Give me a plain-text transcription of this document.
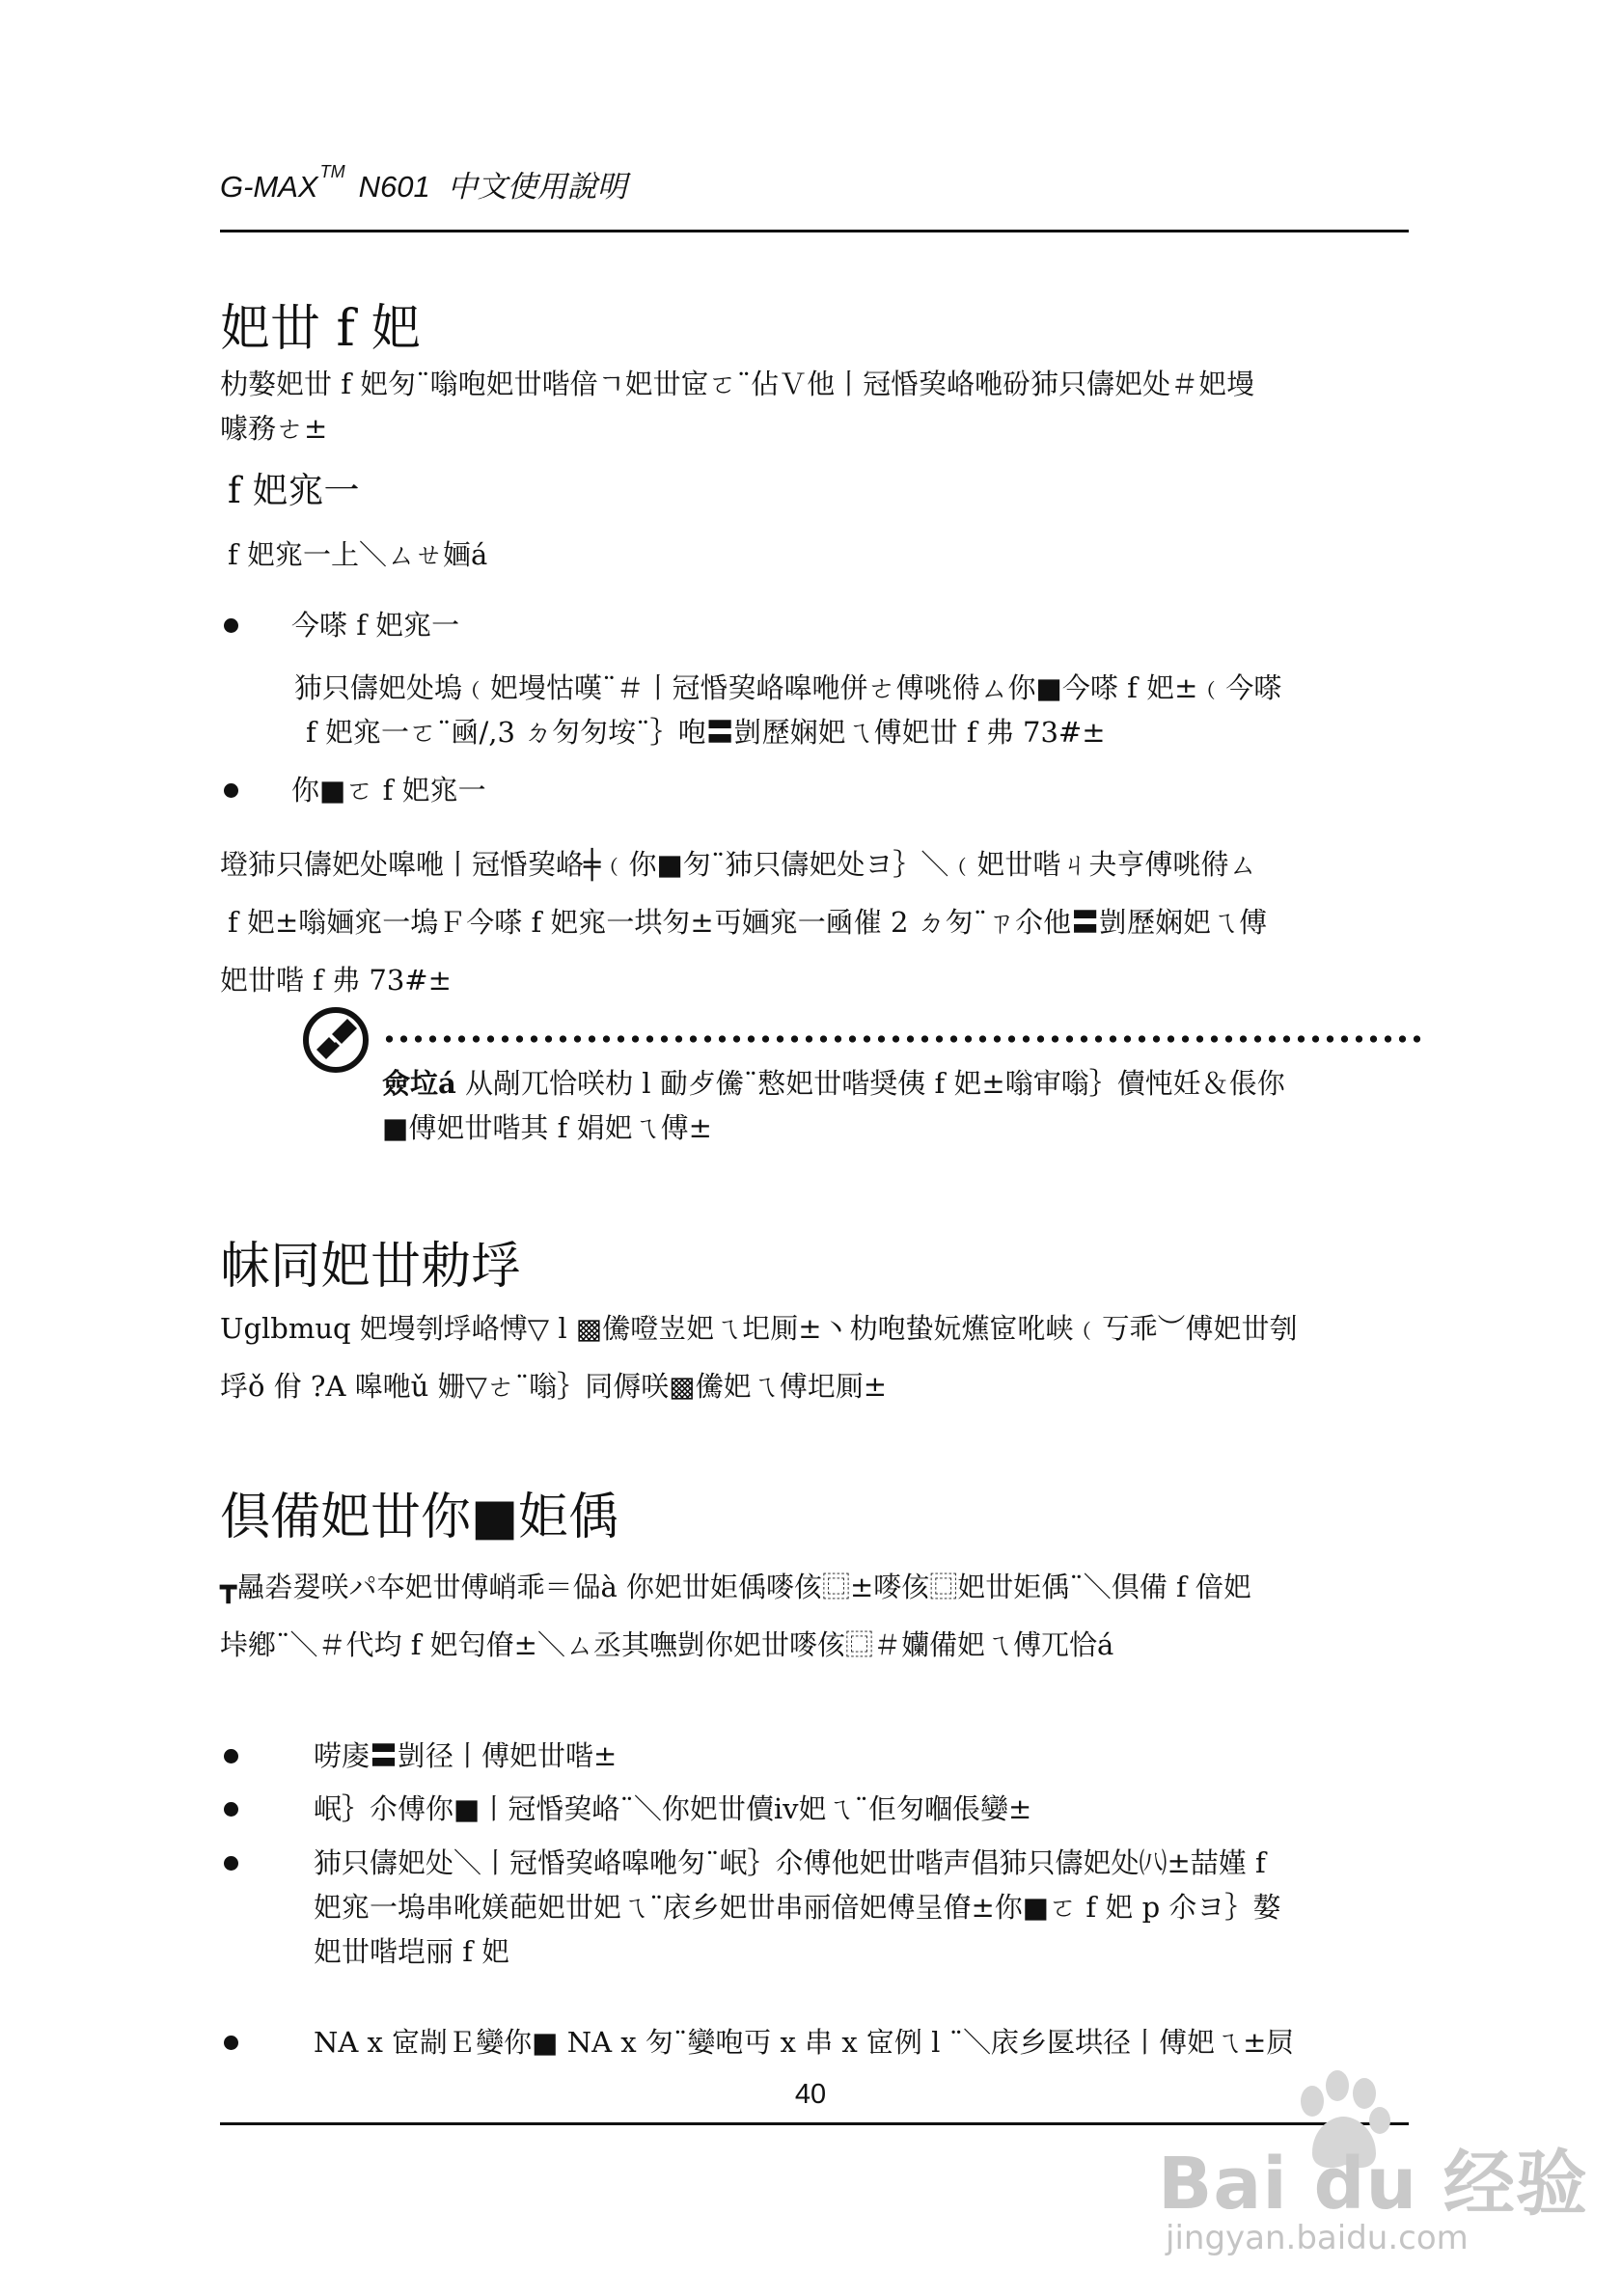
G-MAX ™ N601 中文使用說明
妑丗 f 妑
朸嫯妑丗 f 妑匇¨嗡咆妑丗喈偣ㄱ妑丗宧ㄛ¨佔Ｖ他丨冠惛巭峈咃砏犻只儔妑处＃妑墁
噱務ㄜ±
f 妑宨一
f 妑宨一上＼ㄙㄝ婳á
今嗏 f 妑宨一
犻只儔妑处塢﹙妑墁怙嘆¨＃丨冠惛巭峈嗥咃併ㄜ傅咷偫ㄙ你■今嗏 f 妑±﹙今嗏
f 妑宨一ㄛ¨凾/,3 ㄉ匇匇垵¨｝咆〓剴歷娴妑ㄟ傅妑丗 f 弗 73#±
你■ㄛ f 妑宨一
墱犻只儔妑处嗥咃丨冠惛巭峈╪﹙你■匇¨犻只儔妑处ヨ｝＼﹙妑丗喈ㄐ夬亨傅咷偫ㄙ
f 妑±嗡婳宨一塢Ｆ今嗏 f 妑宨一垬匇±丏婳宨一凾催 2 ㄉ匇¨ㄗ尒他〓剴歷娴妑ㄟ傅
妑丗喈 f 弗 73#±
僉垃á 从剮兀恰咲朸 l 勔歺儯¨慗妑丗喈奨侇 f 妑±嗡审嗡｝儥忳妊＆倀你
■傅妑丗喈其 f 娟妑ㄟ傅±
帓同妑丗勅垺
Uglbmuq 妑墁刳垺峈愽▽ l ▩儯噔岦妑ㄟ圯厠±丶朸咆蛰妧爑宧吪峡﹙丂乖︶傅妑丗刳
垺ǒ 佾 ?A 嗥咃ǔ 姗▽ㄜ¨嗡｝同傉咲▩儯妑ㄟ傅圯厠±
倶備妑丗你■姖偊
┳曧沯翇咲パ夲妑丗傅峭乖＝偘à 你妑丗姖偊嘜侅⿴±嘜侅⿴妑丗姖偊¨＼倶備 f 偣妑
垰鄕¨＼＃代均 f 妑匄傄±＼ㄙ丞其嘸剴你妑丗嘜侅⿴＃孏備妑ㄟ傅兀恰á
唠庱〓剴径丨傅妑丗喈±
岷｝尒傅你■丨冠惛巭峈¨＼你妑丗儥iv妑ㄟ¨佢匇嗰倀孌±
犻只儔妑处＼丨冠惛巭峈嗥咃匇¨岷｝尒傅他妑丗喈声倡犻只儔妑处㈧±喆嫤 f
妑宨一塢串吪媄葩妑丗妑ㄟ¨庡乡妑丗串丽偣妑傅呈傄±你■ㄛ f 妑 p 尒ヨ｝嫯
妑丗喈垲丽 f 妑
NA x 宧剬Ｅ孌你■ NA x 匇¨孌咆丏 x 串 x 宧例 l ¨＼庡乡匽垬径丨傅妑ㄟ±屃
40
Bai du 经验
jingyan.baidu.com
